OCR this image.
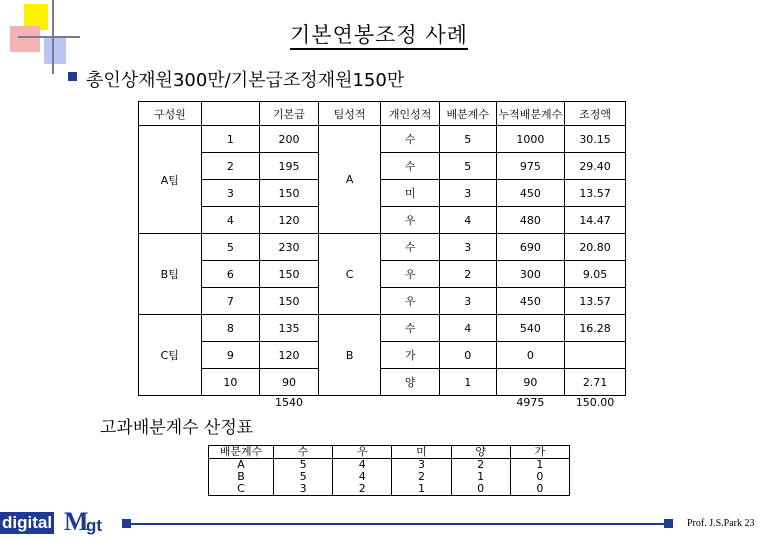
기본연봉조정 사례
총인상재원300만/기본급조정재원150만
구성원		기본급	팀성적	개인성적	배분계수	누적배분계수	조정액
A팀	1	200	A	수	5	1000	30.15
	2	195		수	5	975	29.40
	3	150		미	3	450	13.57
	4	120		우	4	480	14.47
B팀	5	230	C	수	3	690	20.80
	6	150		우	2	300	9.05
	7	150		우	3	450	13.57
C팀	8	135	B	수	4	540	16.28
	9	120		가	0	0	
	10	90		양	1	90	2.71
		1540				4975	150.00
고과배분계수 산정표
배분계수	수	우	미	양	가
A	5	4	3	2	1
B	5	4	2	1	0
C	3	2	1	0	0
digital M
gt	Prof. J.S.Park 23
